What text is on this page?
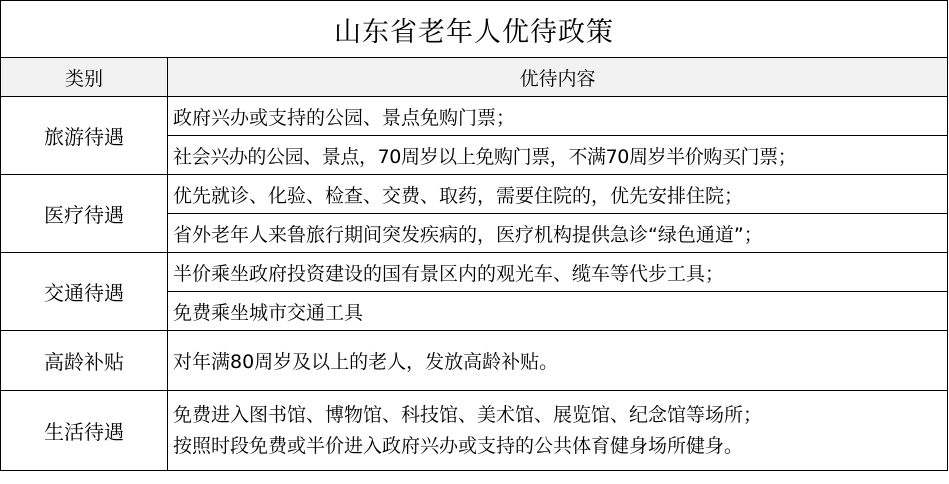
山东省老年人优待政策	
类别	优待内容
旅游待遇	政府兴办或支持的公园、景点免购门票；
	社会兴办的公园、景点，70周岁以上免购门票，不满70周岁半价购买门票；
医疗待遇	优先就诊、化验、检查、交费、取药，需要住院的，优先安排住院；
	省外老年人来鲁旅行期间突发疾病的，医疗机构提供急诊“绿色通道”；
交通待遇	半价乘坐政府投资建设的国有景区内的观光车、缆车等代步工具；
	免费乘坐城市交通工具
高龄补贴	对年满80周岁及以上的老人，发放高龄补贴。
生活待遇	免费进入图书馆、博物馆、科技馆、美术馆、展览馆、纪念馆等场所；
按照时段免费或半价进入政府兴办或支持的公共体育健身场所健身。
